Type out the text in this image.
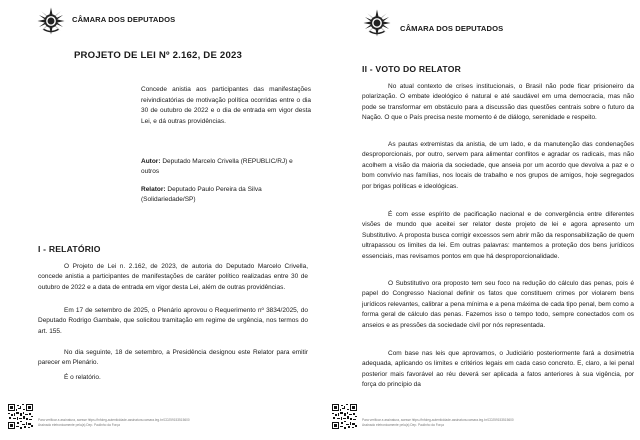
CÂMARA DOS DEPUTADOS
PROJETO DE LEI Nº 2.162, DE 2023
Concede anistia aos participantes das manifestações reivindicatórias de motivação política ocorridas entre o dia 30 de outubro de 2022 e o dia de entrada em vigor desta Lei, e dá outras providências.
Autor: Deputado Marcelo Crivella (REPUBLIC/RJ) e outros
Relator: Deputado Paulo Pereira da Silva (Solidariedade/SP)
I - RELATÓRIO
O Projeto de Lei n. 2.162, de 2023, de autoria do Deputado Marcelo Crivella, concede anistia a participantes de manifestações de caráter político realizadas entre 30 de outubro de 2022 e a data de entrada em vigor desta Lei, além de outras providências.
Em 17 de setembro de 2025, o Plenário aprovou o Requerimento nº 3834/2025, do Deputado Rodrigo Gambale, que solicitou tramitação em regime de urgência, nos termos do art. 155.
No dia seguinte, 18 de setembro, a Presidência designou este Relator para emitir parecer em Plenário.
É o relatório.
Para verificar a assinatura, acesse https://infoleg-autenticidade-assinatura.camara.leg.br/CD259153515600
Assinado eletronicamente pelo(a) Dep. Paulinho da Força
CÂMARA DOS DEPUTADOS
II - VOTO DO RELATOR
No atual contexto de crises institucionais, o Brasil não pode ficar prisioneiro da polarização. O embate ideológico é natural e até saudável em uma democracia, mas não pode se transformar em obstáculo para a discussão das questões centrais sobre o futuro da Nação. O que o País precisa neste momento é de diálogo, serenidade e respeito.
As pautas extremistas da anistia, de um lado, e da manutenção das condenações desproporcionais, por outro, servem para alimentar conflitos e agradar os radicais, mas não acolhem a visão da maioria da sociedade, que anseia por um acordo que devolva a paz e o bom convívio nas famílias, nos locais de trabalho e nos grupos de amigos, hoje segregados por brigas políticas e ideológicas.
É com esse espírito de pacificação nacional e de convergência entre diferentes visões de mundo que aceitei ser relator deste projeto de lei e agora apresento um Substitutivo. A proposta busca corrigir excessos sem abrir mão da responsabilização de quem ultrapassou os limites da lei. Em outras palavras: mantemos a proteção dos bens jurídicos essenciais, mas revisamos pontos em que há desproporcionalidade.
O Substitutivo ora proposto tem seu foco na redução do cálculo das penas, pois é papel do Congresso Nacional definir os fatos que constituem crimes por violarem bens jurídicos relevantes, calibrar a pena mínima e a pena máxima de cada tipo penal, bem como a forma geral de cálculo das penas. Fazemos isso o tempo todo, sempre conectados com os anseios e as pressões da sociedade civil por nós representada.
Com base nas leis que aprovamos, o Judiciário posteriormente fará a dosimetria adequada, aplicando os limites e critérios legais em cada caso concreto. E, claro, a lei penal posterior mais favorável ao réu deverá ser aplicada a fatos anteriores à sua vigência, por força do princípio da
Para verificar a assinatura, acesse https://infoleg-autenticidade-assinatura.camara.leg.br/CD259153515600
Assinado eletronicamente pelo(a) Dep. Paulinho da Força
